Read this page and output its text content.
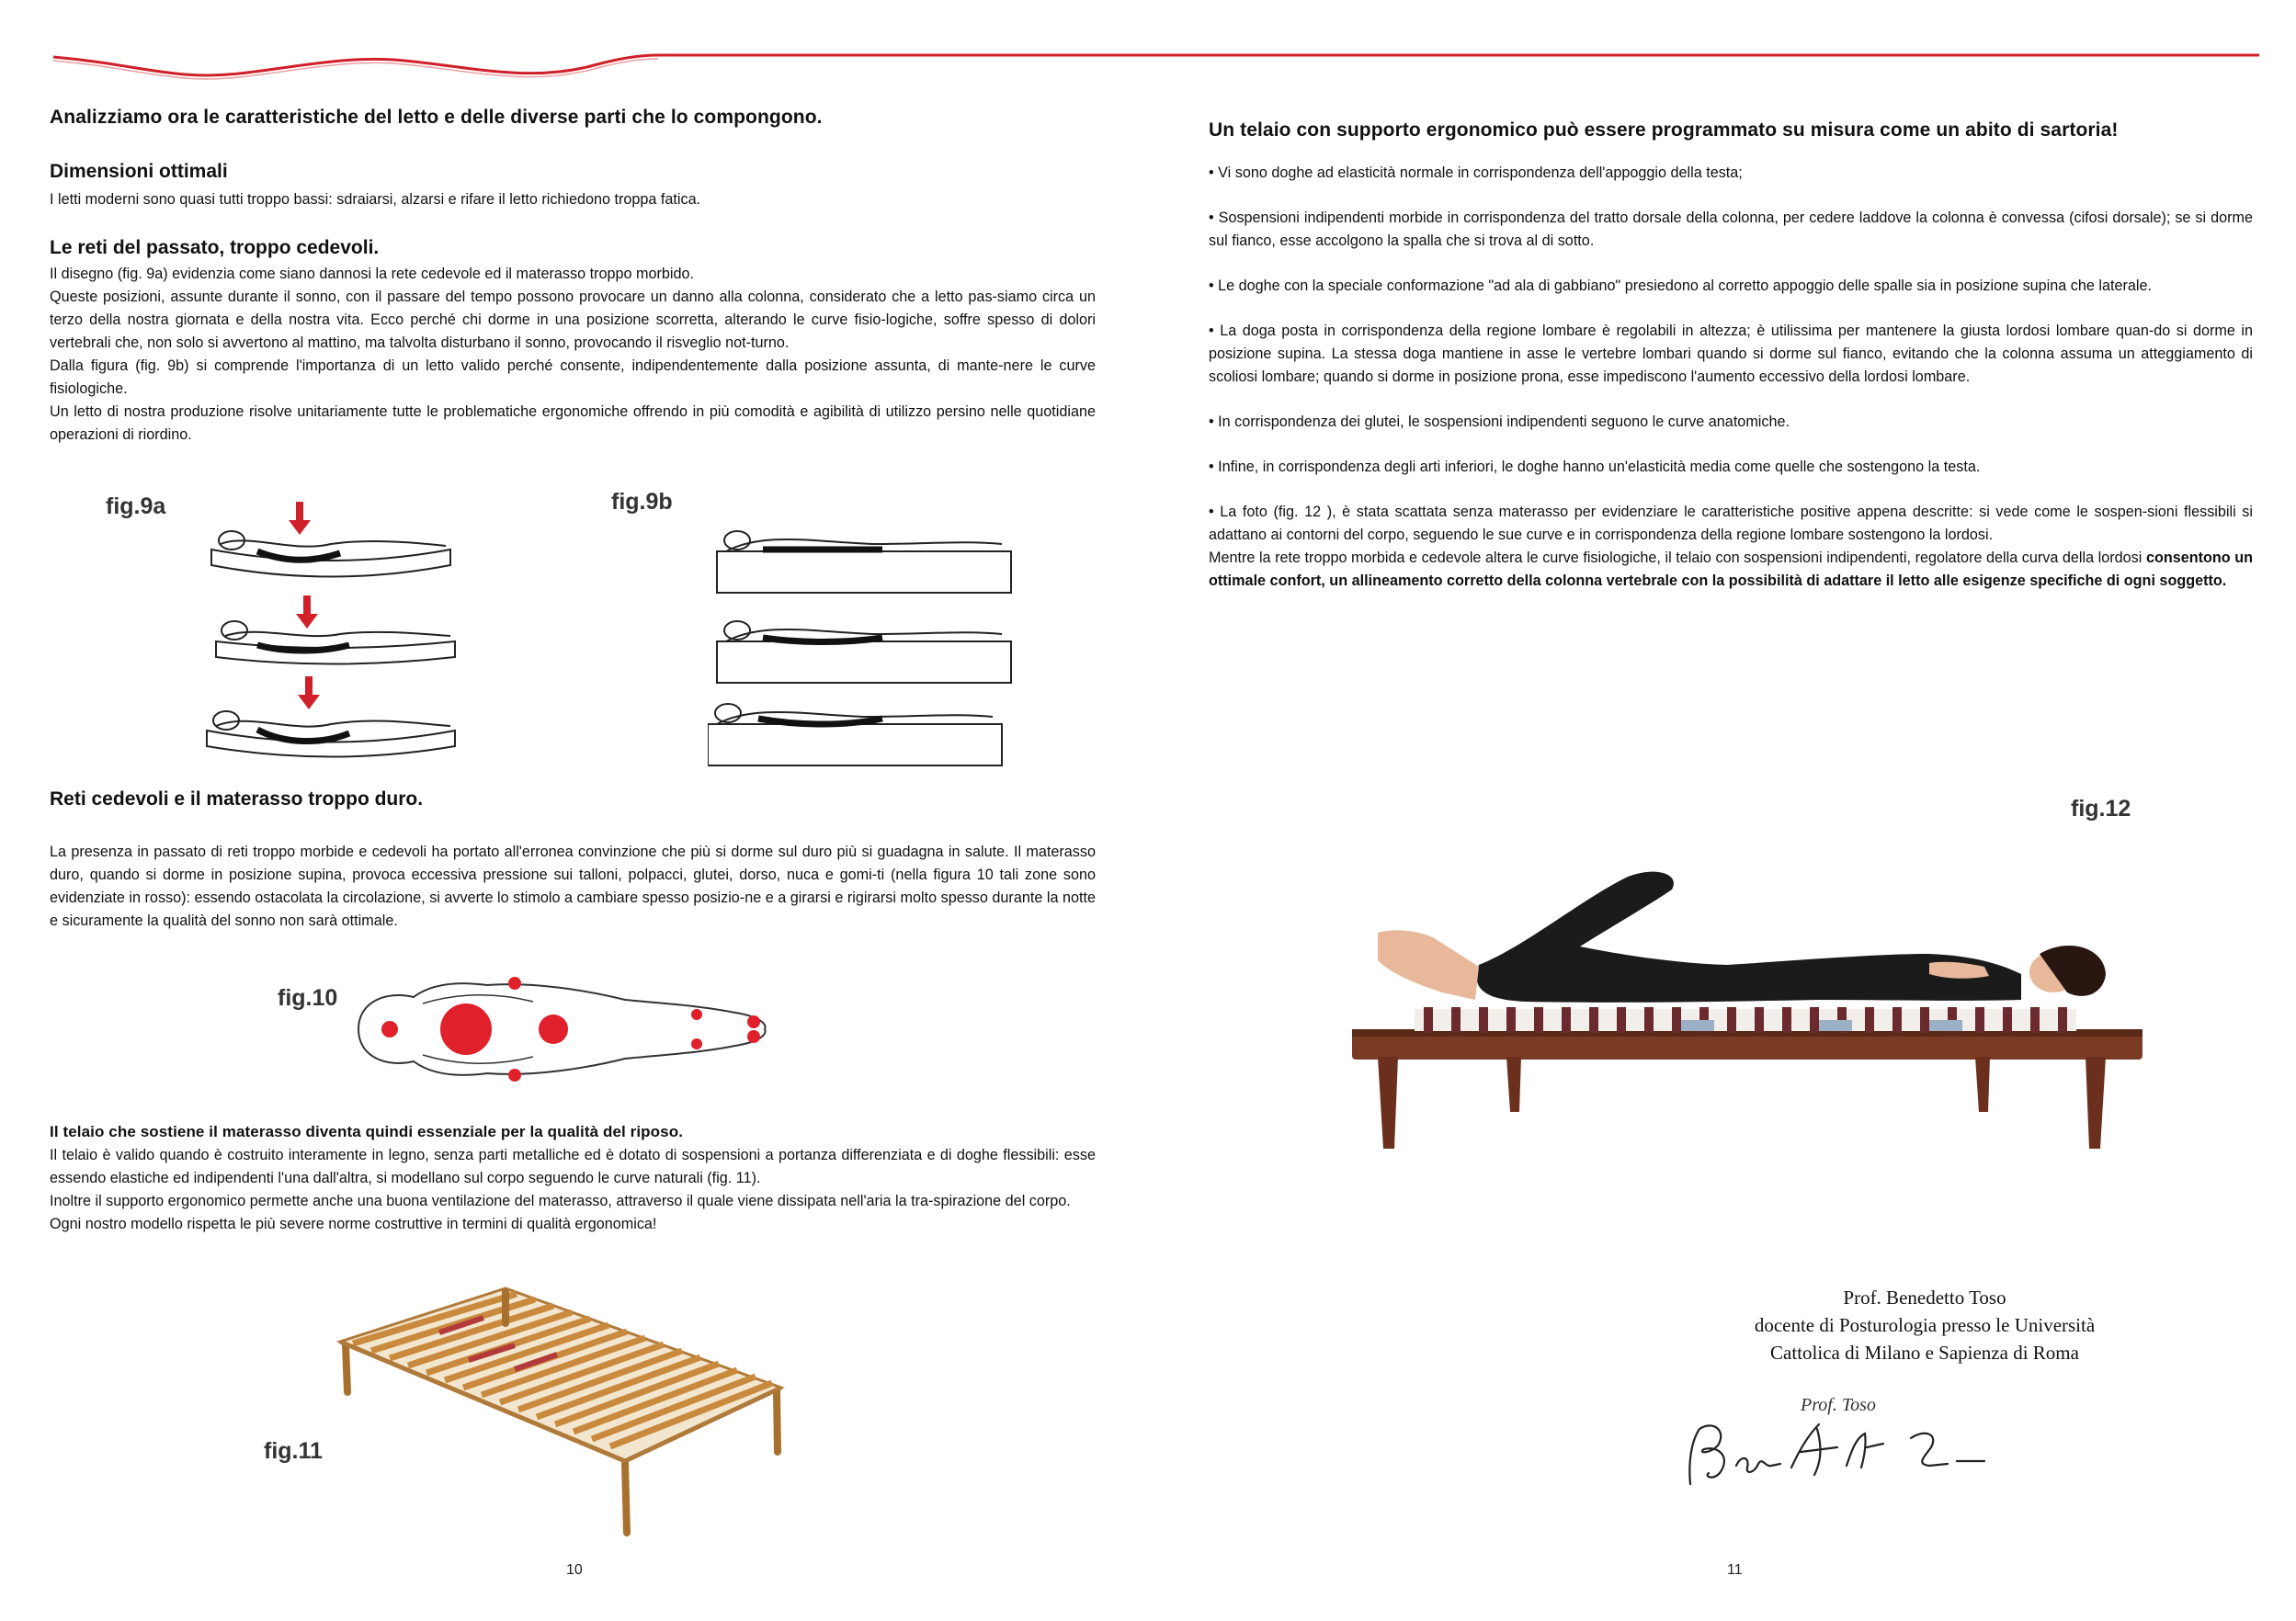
Analizziamo ora le caratteristiche del letto e delle diverse parti che lo compongono.
Dimensioni ottimali

I letti moderni sono quasi tutti troppo bassi: sdraiarsi, alzarsi e rifare il letto richiedono troppa fatica.

Le reti del passato, troppo cedevoli.

Il disegno (fig. 9a) evidenzia come siano dannosi la rete cedevole ed il materasso troppo morbido.

Queste posizioni, assunte durante il sonno, con il passare del tempo possono provocare un danno alla colonna, considerato che a letto pas-siamo circa un terzo della nostra giornata e della nostra vita. Ecco perché chi dorme in una posizione scorretta, alterando le curve fisio-logiche, soffre spesso di dolori vertebrali che, non solo si avvertono al mattino, ma talvolta disturbano il sonno, provocando il risveglio not-turno.

Dalla figura (fig. 9b) si comprende l'importanza di un letto valido perché consente, indipendentemente dalla posizione assunta, di mante-nere le curve fisiologiche.

Un letto di nostra produzione risolve unitariamente tutte le problematiche ergonomiche offrendo in più comodità e agibilità di utilizzo persino nelle quotidiane operazioni di riordino.

fig.9a	fig.9b
Reti cedevoli e il materasso troppo duro.

La presenza in passato di reti troppo morbide e cedevoli ha portato all'erronea convinzione che più si dorme sul duro più si guadagna in salute. Il materasso duro, quando si dorme in posizione supina, provoca eccessiva pressione sui talloni, polpacci, glutei, dorso, nuca e gomi-ti (nella figura 10 tali zone sono evidenziate in rosso): essendo ostacolata la circolazione, si avverte lo stimolo a cambiare spesso posizio-ne e a girarsi e rigirarsi molto spesso durante la notte e sicuramente la qualità del sonno non sarà ottimale.

fig.10
Il telaio che sostiene il materasso diventa quindi essenziale per la qualità del riposo.

Il telaio è valido quando è costruito interamente in legno, senza parti metalliche ed è dotato di sospensioni a portanza differenziata e di doghe flessibili: esse essendo elastiche ed indipendenti l'una dall'altra, si modellano sul corpo seguendo le curve naturali (fig. 11).

Inoltre il supporto ergonomico permette anche una buona ventilazione del materasso, attraverso il quale viene dissipata nell'aria la tra-spirazione del corpo.

Ogni nostro modello rispetta le più severe norme costruttive in termini di qualità ergonomica!

fig.11
10
Un telaio con supporto ergonomico può essere programmato su misura come un abito di sartoria!

• Vi sono doghe ad elasticità normale in corrispondenza dell'appoggio della testa;

• Sospensioni indipendenti morbide in corrispondenza del tratto dorsale della colonna, per cedere laddove la colonna è convessa (cifosi dorsale); se si dorme sul fianco, esse accolgono la spalla che si trova al di sotto.

• Le doghe con la speciale conformazione "ad ala di gabbiano" presiedono al corretto appoggio delle spalle sia in posizione supina che laterale.

• La doga posta in corrispondenza della regione lombare è regolabili in altezza; è utilissima per mantenere la giusta lordosi lombare quan-do si dorme in posizione supina. La stessa doga mantiene in asse le vertebre lombari quando si dorme sul fianco, evitando che la colonna assuma un atteggiamento di scoliosi lombare; quando si dorme in posizione prona, esse impediscono l'aumento eccessivo della lordosi lombare.

• In corrispondenza dei glutei, le sospensioni indipendenti seguono le curve anatomiche.

• Infine, in corrispondenza degli arti inferiori, le doghe hanno un'elasticità media come quelle che sostengono la testa.

• La foto (fig. 12 ), è stata scattata senza materasso per evidenziare le caratteristiche positive appena descritte: si vede come le sospen-sioni flessibili si adattano ai contorni del corpo, seguendo le sue curve e in corrispondenza della regione lombare sostengono la lordosi.

Mentre la rete troppo morbida e cedevole altera le curve fisiologiche, il telaio con sospensioni indipendenti, regolatore della curva della lordosi consentono un ottimale confort, un allineamento corretto della colonna vertebrale con la possibilità di adattare il letto alle esigenze specifiche di ogni soggetto.

fig.12
Prof. Benedetto Toso
docente di Posturologia presso le Università
Cattolica di Milano e Sapienza di Roma
Prof. Toso
11
